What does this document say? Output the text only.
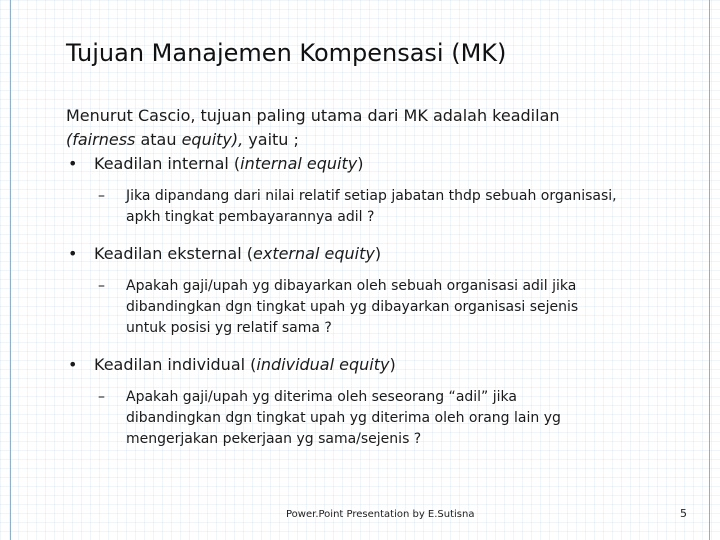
Tujuan Manajemen Kompensasi (MK)

Menurut Cascio, tujuan paling utama dari MK adalah keadilan
(fairness atau equity), yaitu ;

• Keadilan internal (internal equity)
– Jika dipandang dari nilai relatif setiap jabatan thdp sebuah organisasi,
apkh tingkat pembayarannya adil ?
• Keadilan eksternal (external equity)
– Apakah gaji/upah yg dibayarkan oleh sebuah organisasi adil jika
dibandingkan dgn tingkat upah yg dibayarkan organisasi sejenis
untuk posisi yg relatif sama ?
• Keadilan individual (individual equity)
– Apakah gaji/upah yg diterima oleh seseorang “adil” jika
dibandingkan dgn tingkat upah yg diterima oleh orang lain yg
mengerjakan pekerjaan yg sama/sejenis ?
Power.Point Presentation by E.Sutisna	5
